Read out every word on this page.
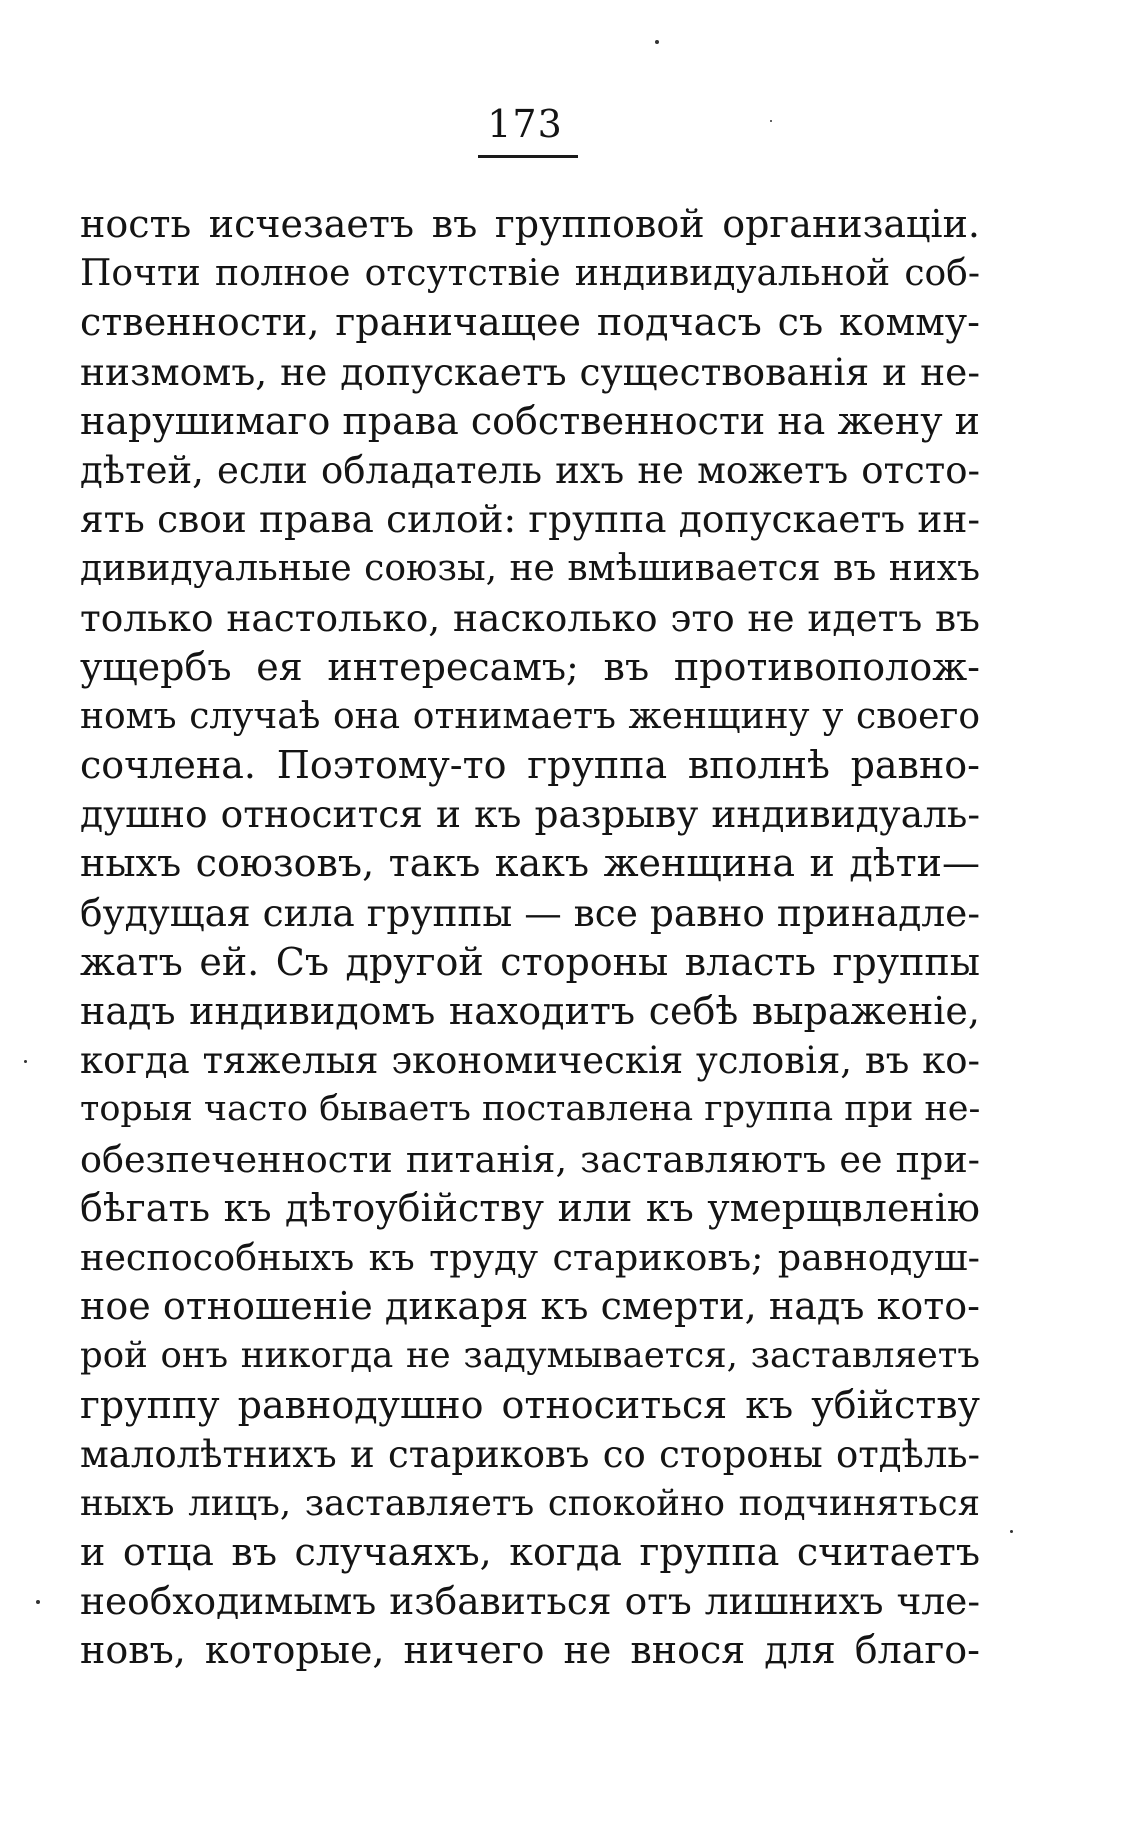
173
ность исчезаетъ въ групповой организацiи.
Почти полное отсутствiе индивидуальной соб-
ственности, граничащее подчасъ съ комму-
низмомъ, не допускаетъ существованiя и не-
нарушимаго права собственности на жену и
дѣтей, если обладатель ихъ не можетъ отсто-
ять свои права силой: группа допускаетъ ин-
дивидуальные союзы, не вмѣшивается въ нихъ
только настолько, насколько это не идетъ въ
ущербъ ея интересамъ; въ противополож-
номъ случаѣ она отнимаетъ женщину у своего
сочлена. Поэтому-то группа вполнѣ равно-
душно относится и къ разрыву индивидуаль-
ныхъ союзовъ, такъ какъ женщина и дѣти—
будущая сила группы — все равно принадле-
жатъ ей. Съ другой стороны власть группы
надъ индивидомъ находитъ себѣ выраженiе,
когда тяжелыя экономическiя условiя, въ ко-
торыя часто бываетъ поставлена группа при не-
обезпеченности питанiя, заставляютъ ее при-
бѣгать къ дѣтоубiйству или къ умерщвленiю
неспособныхъ къ труду стариковъ; равнодуш-
ное отношенiе дикаря къ смерти, надъ кото-
рой онъ никогда не задумывается, заставляетъ
группу равнодушно относиться къ убiйству
малолѣтнихъ и стариковъ со стороны отдѣль-
ныхъ лицъ, заставляетъ спокойно подчиняться
и отца въ случаяхъ, когда группа считаетъ
необходимымъ избавиться отъ лишнихъ чле-
новъ, которые, ничего не внося для благо-
